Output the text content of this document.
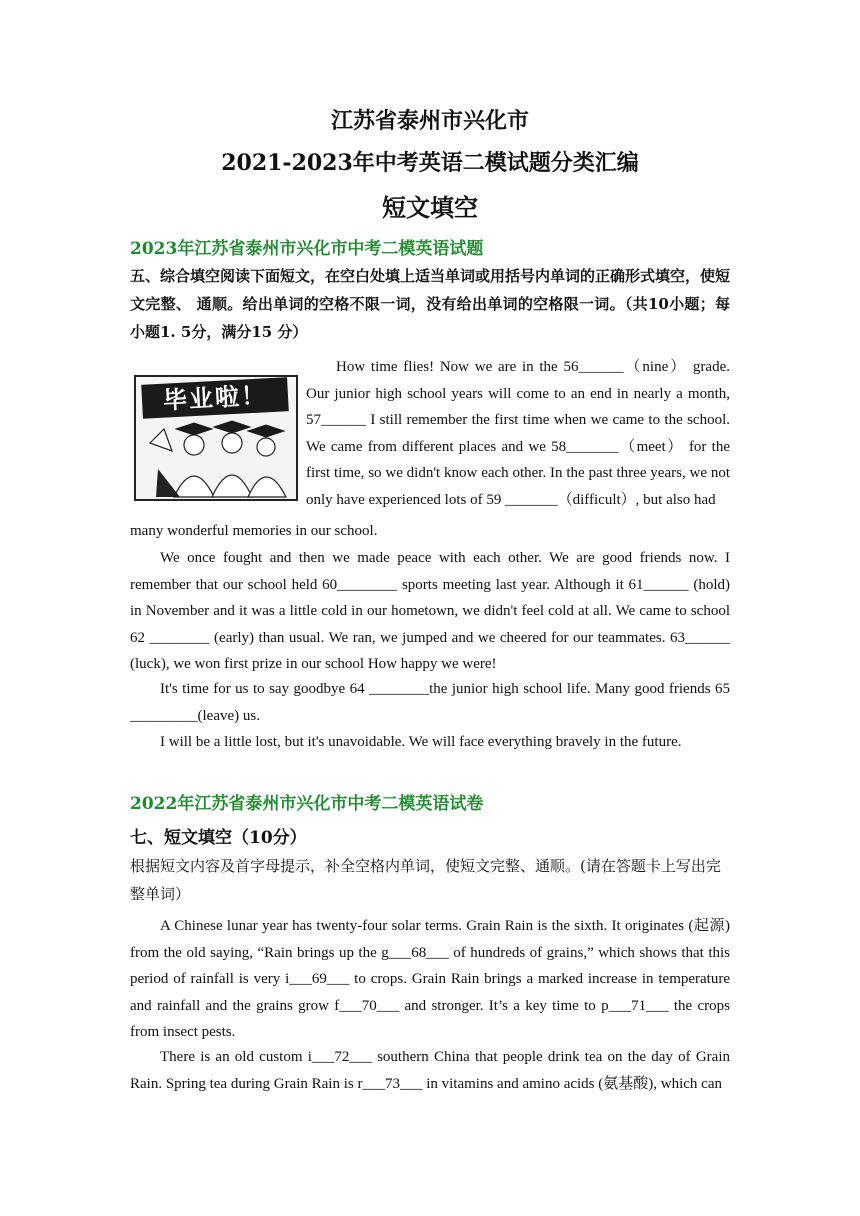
江苏省泰州市兴化市
2021-2023年中考英语二模试题分类汇编
短文填空
2023年江苏省泰州市兴化市中考二模英语试题
五、综合填空阅读下面短文，在空白处填上适当单词或用括号内单词的正确形式填空，使短文完整、 通顺。给出单词的空格不限一词，没有给出单词的空格限一词。（共10小题；每小题1. 5分，满分15 分）
毕业啦！
How time flies! Now we are in the 56______（nine） grade. Our junior high school years will come to an end in nearly a month, 57______ I still remember the first time when we came to the school. We came from different places and we 58_______（meet） for the first time, so we didn't know each other. In the past three years, we not only have experienced lots of 59 _______（difficult）, but also had
many wonderful memories in our school.
We once fought and then we made peace with each other. We are good friends now. I remember that our school held 60________ sports meeting last year. Although it 61______ (hold) in November and it was a little cold in our hometown, we didn't feel cold at all. We came to school 62 ________ (early) than usual. We ran, we jumped and we cheered for our teammates. 63______ (luck), we won first prize in our school How happy we were!
It's time for us to say goodbye 64 ________the junior high school life. Many good friends 65 _________(leave) us.
I will be a little lost, but it's unavoidable. We will face everything bravely in the future.
2022年江苏省泰州市兴化市中考二模英语试卷
七、短文填空（10分）
根据短文内容及首字母提示，补全空格内单词，使短文完整、通顺。(请在答题卡上写出完整单词）
A Chinese lunar year has twenty-four solar terms. Grain Rain is the sixth. It originates (起源) from the old saying, “Rain brings up the g___68___ of hundreds of grains,” which shows that this period of rainfall is very i___69___ to crops. Grain Rain brings a marked increase in temperature and rainfall and the grains grow f___70___ and stronger. It’s a key time to p___71___ the crops from insect pests.
There is an old custom i___72___ southern China that people drink tea on the day of Grain Rain. Spring tea during Grain Rain is r___73___ in vitamins and amino acids (氨基酸), which can
